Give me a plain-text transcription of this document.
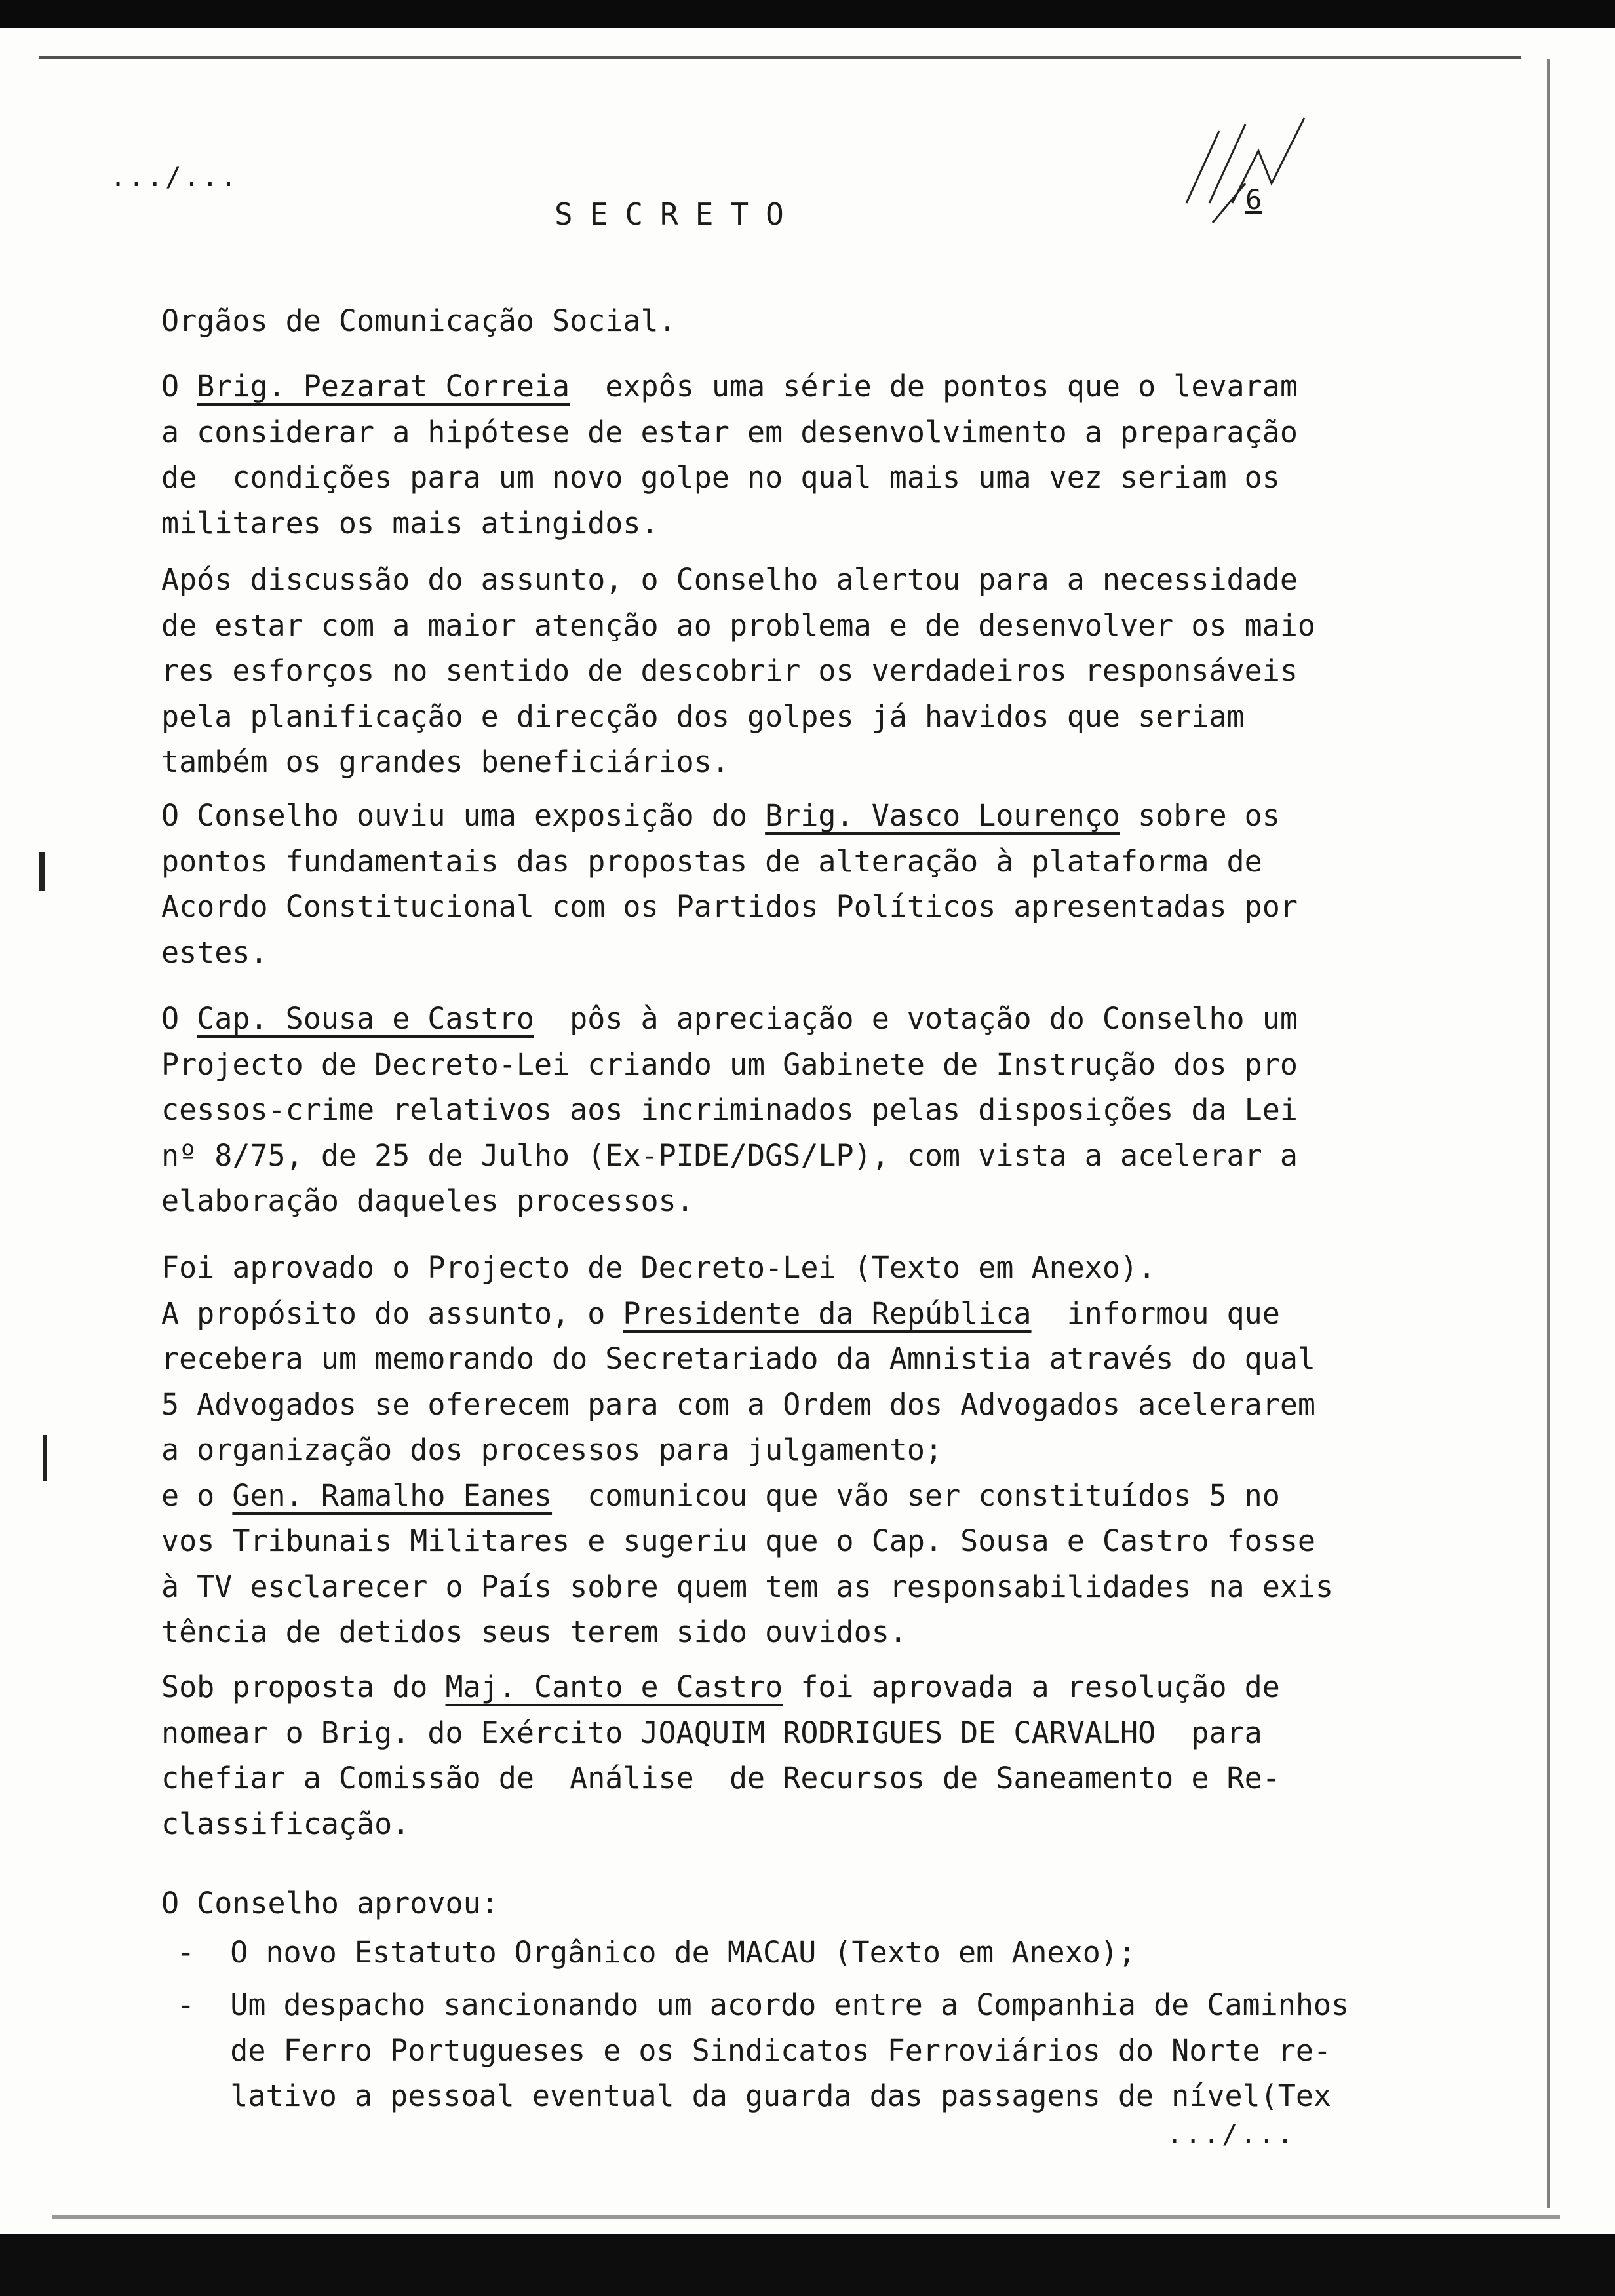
.../...
SECRETO	6
Orgãos de Comunicação Social.
O Brig. Pezarat Correia  expôs uma série de pontos que o levaram
a considerar a hipótese de estar em desenvolvimento a preparação
de  condições para um novo golpe no qual mais uma vez seriam os
militares os mais atingidos.
Após discussão do assunto, o Conselho alertou para a necessidade
de estar com a maior atenção ao problema e de desenvolver os maio
res esforços no sentido de descobrir os verdadeiros responsáveis
pela planificação e direcção dos golpes já havidos que seriam
também os grandes beneficiários.
O Conselho ouviu uma exposição do Brig. Vasco Lourenço sobre os
pontos fundamentais das propostas de alteração à plataforma de
Acordo Constitucional com os Partidos Políticos apresentadas por
estes.
O Cap. Sousa e Castro  pôs à apreciação e votação do Conselho um
Projecto de Decreto-Lei criando um Gabinete de Instrução dos pro
cessos-crime relativos aos incriminados pelas disposições da Lei
nº 8/75, de 25 de Julho (Ex-PIDE/DGS/LP), com vista a acelerar a
elaboração daqueles processos.
Foi aprovado o Projecto de Decreto-Lei (Texto em Anexo).
A propósito do assunto, o Presidente da República  informou que
recebera um memorando do Secretariado da Amnistia através do qual
5 Advogados se oferecem para com a Ordem dos Advogados acelerarem
a organização dos processos para julgamento;
e o Gen. Ramalho Eanes  comunicou que vão ser constituídos 5 no
vos Tribunais Militares e sugeriu que o Cap. Sousa e Castro fosse
à TV esclarecer o País sobre quem tem as responsabilidades na exis
tência de detidos seus terem sido ouvidos.
Sob proposta do Maj. Canto e Castro foi aprovada a resolução de
nomear o Brig. do Exército JOAQUIM RODRIGUES DE CARVALHO  para
chefiar a Comissão de  Análise  de Recursos de Saneamento e Re-
classificação.
O Conselho aprovou:
-  O novo Estatuto Orgânico de MACAU (Texto em Anexo);
-  Um despacho sancionando um acordo entre a Companhia de Caminhos
de Ferro Portugueses e os Sindicatos Ferroviários do Norte re-
lativo a pessoal eventual da guarda das passagens de nível(Tex
.../...
